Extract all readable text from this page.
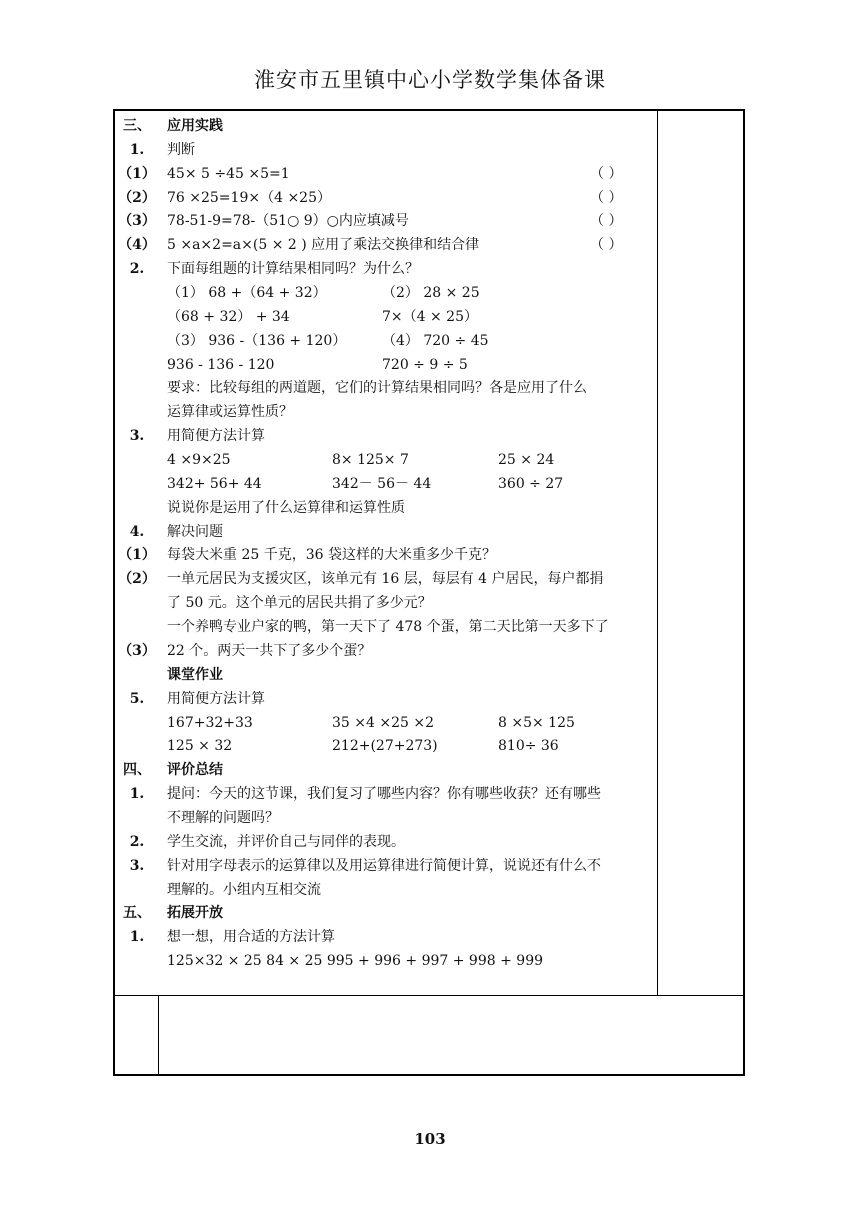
淮安市五里镇中心小学数学集体备课
三、	应用实践
1.	判断
（1） 45× 5 ÷45 ×5=1	（ ）
（2） 76 ×25=19×（4 ×25）	（ ）
（3） 78-51-9=78-（51○ 9）○内应填减号	（ ）
（4） 5 ×a×2=a×(5 × 2 ) 应用了乘法交换律和结合律	（ ）
2.	下面每组题的计算结果相同吗？为什么？
（1） 68 +（64 + 32）	（2） 28 × 25
（68 + 32） + 34	7×（4 × 25）
（3） 936 -（136 + 120）	（4） 720 ÷ 45
936 - 136 - 120	720 ÷ 9 ÷ 5
要求：比较每组的两道题，它们的计算结果相同吗？各是应用了什么
运算律或运算性质？
3.	用简便方法计算
4 ×9×25	8× 125× 7	25 × 24
342+ 56+ 44	342－ 56－ 44	360 ÷ 27
说说你是运用了什么运算律和运算性质
4.	解决问题
（1） 每袋大米重 25 千克，36 袋这样的大米重多少千克？
（2） 一单元居民为支援灾区，该单元有 16 层，每层有 4 户居民，每户都捐
了 50 元。这个单元的居民共捐了多少元？
一个养鸭专业户家的鸭，第一天下了 478 个蛋，第二天比第一天多下了
（3） 22 个。两天一共下了多少个蛋？
课堂作业
5.	用简便方法计算
167+32+33	35 ×4 ×25 ×2	8 ×5× 125
125 × 32	212+(27+273)	810÷ 36
四、	评价总结
1.	提问：今天的这节课，我们复习了哪些内容？你有哪些收获？还有哪些
不理解的问题吗？
2.	学生交流，并评价自己与同伴的表现。
3.	针对用字母表示的运算律以及用运算律进行简便计算，说说还有什么不
理解的。小组内互相交流
五、	拓展开放
1.	想一想，用合适的方法计算
125×32 × 25 84 × 25 995 + 996 + 997 + 998 + 999
103
